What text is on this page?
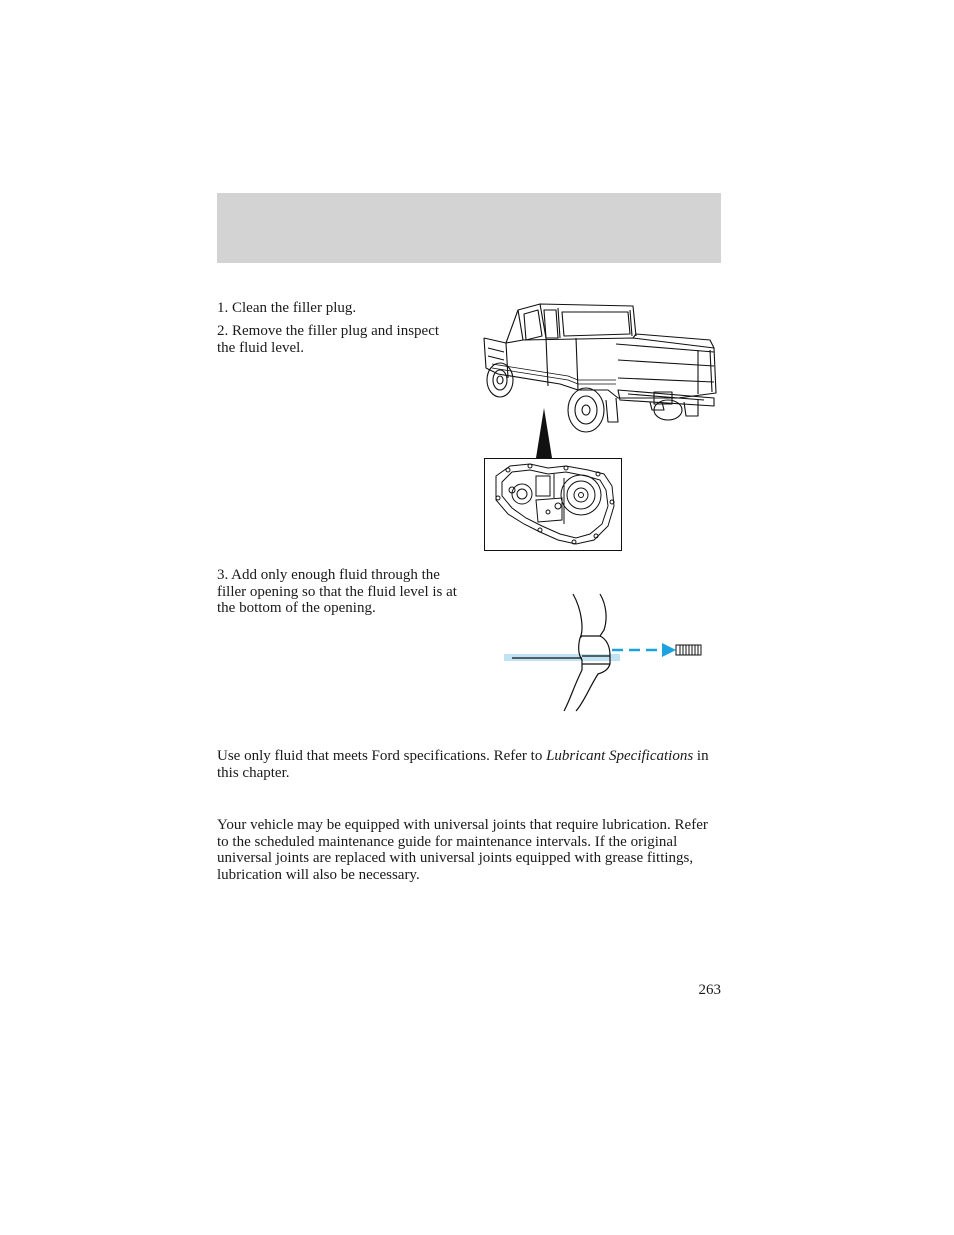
1. Clean the filler plug.

2. Remove the filler plug and inspect the fluid level.

3. Add only enough fluid through the filler opening so that the fluid level is at the bottom of the opening.

Use only fluid that meets Ford specifications. Refer to Lubricant Specifications in this chapter.

Your vehicle may be equipped with universal joints that require lubrication. Refer to the scheduled maintenance guide for maintenance intervals. If the original universal joints are replaced with universal joints equipped with grease fittings, lubrication will also be necessary.

263
